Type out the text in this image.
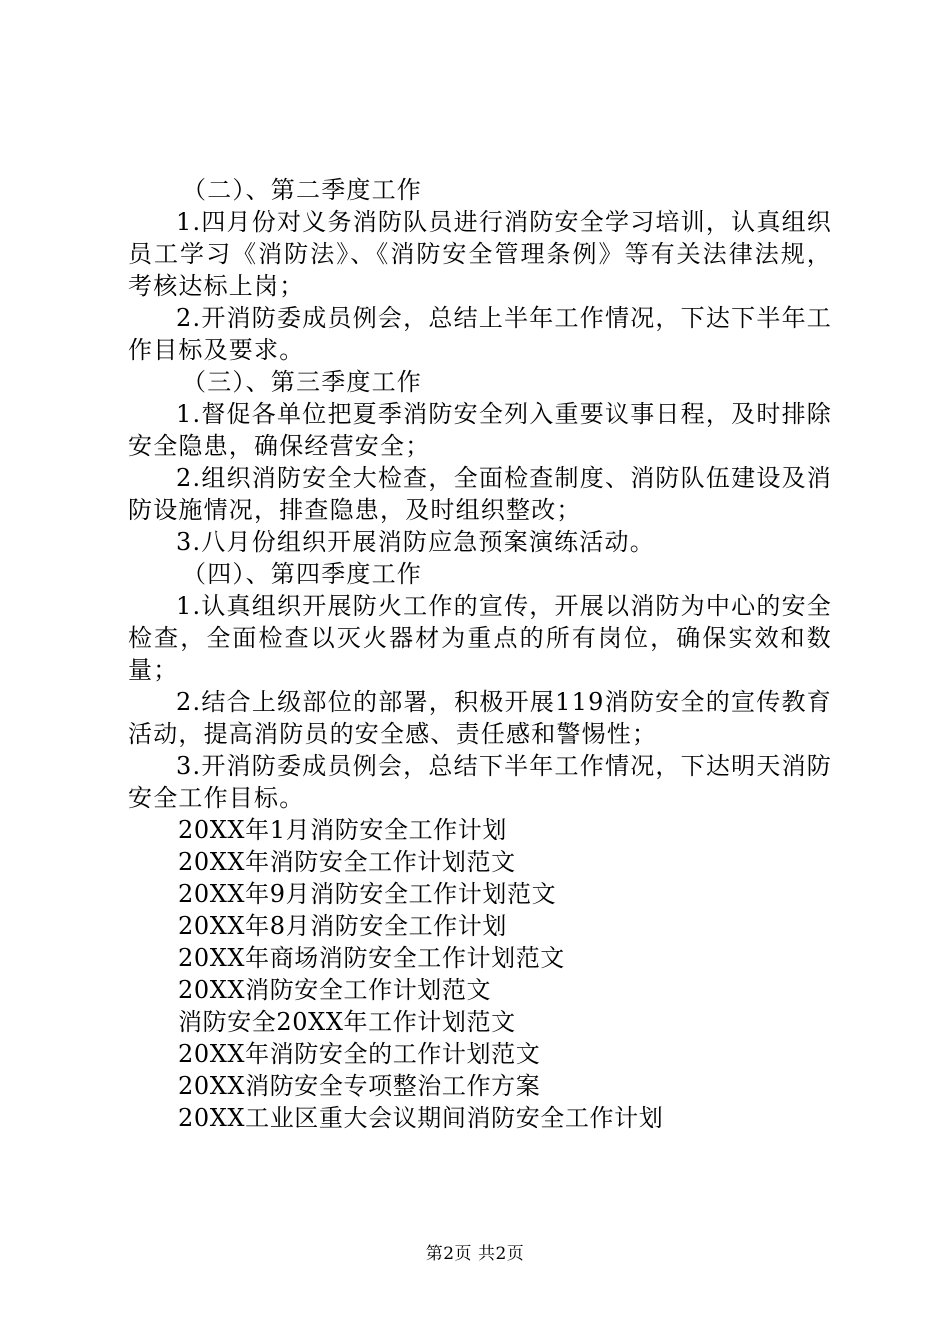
（二）、第二季度工作

1.四月份对义务消防队员进行消防安全学习培训，认真组织员工学习《消防法》、《消防安全管理条例》等有关法律法规，考核达标上岗；

2.开消防委成员例会，总结上半年工作情况，下达下半年工作目标及要求。

（三）、第三季度工作

1.督促各单位把夏季消防安全列入重要议事日程，及时排除安全隐患，确保经营安全；

2.组织消防安全大检查，全面检查制度、消防队伍建设及消防设施情况，排查隐患，及时组织整改；

3.八月份组织开展消防应急预案演练活动。

（四）、第四季度工作

1.认真组织开展防火工作的宣传，开展以消防为中心的安全检查，全面检查以灭火器材为重点的所有岗位，确保实效和数量；

2.结合上级部位的部署，积极开展119消防安全的宣传教育活动，提高消防员的安全感、责任感和警惕性；

3.开消防委成员例会，总结下半年工作情况，下达明天消防安全工作目标。

20XX年1月消防安全工作计划
20XX年消防安全工作计划范文
20XX年9月消防安全工作计划范文
20XX年8月消防安全工作计划
20XX年商场消防安全工作计划范文
20XX消防安全工作计划范文
消防安全20XX年工作计划范文
20XX年消防安全的工作计划范文
20XX消防安全专项整治工作方案
20XX工业区重大会议期间消防安全工作计划
第2页 共2页
